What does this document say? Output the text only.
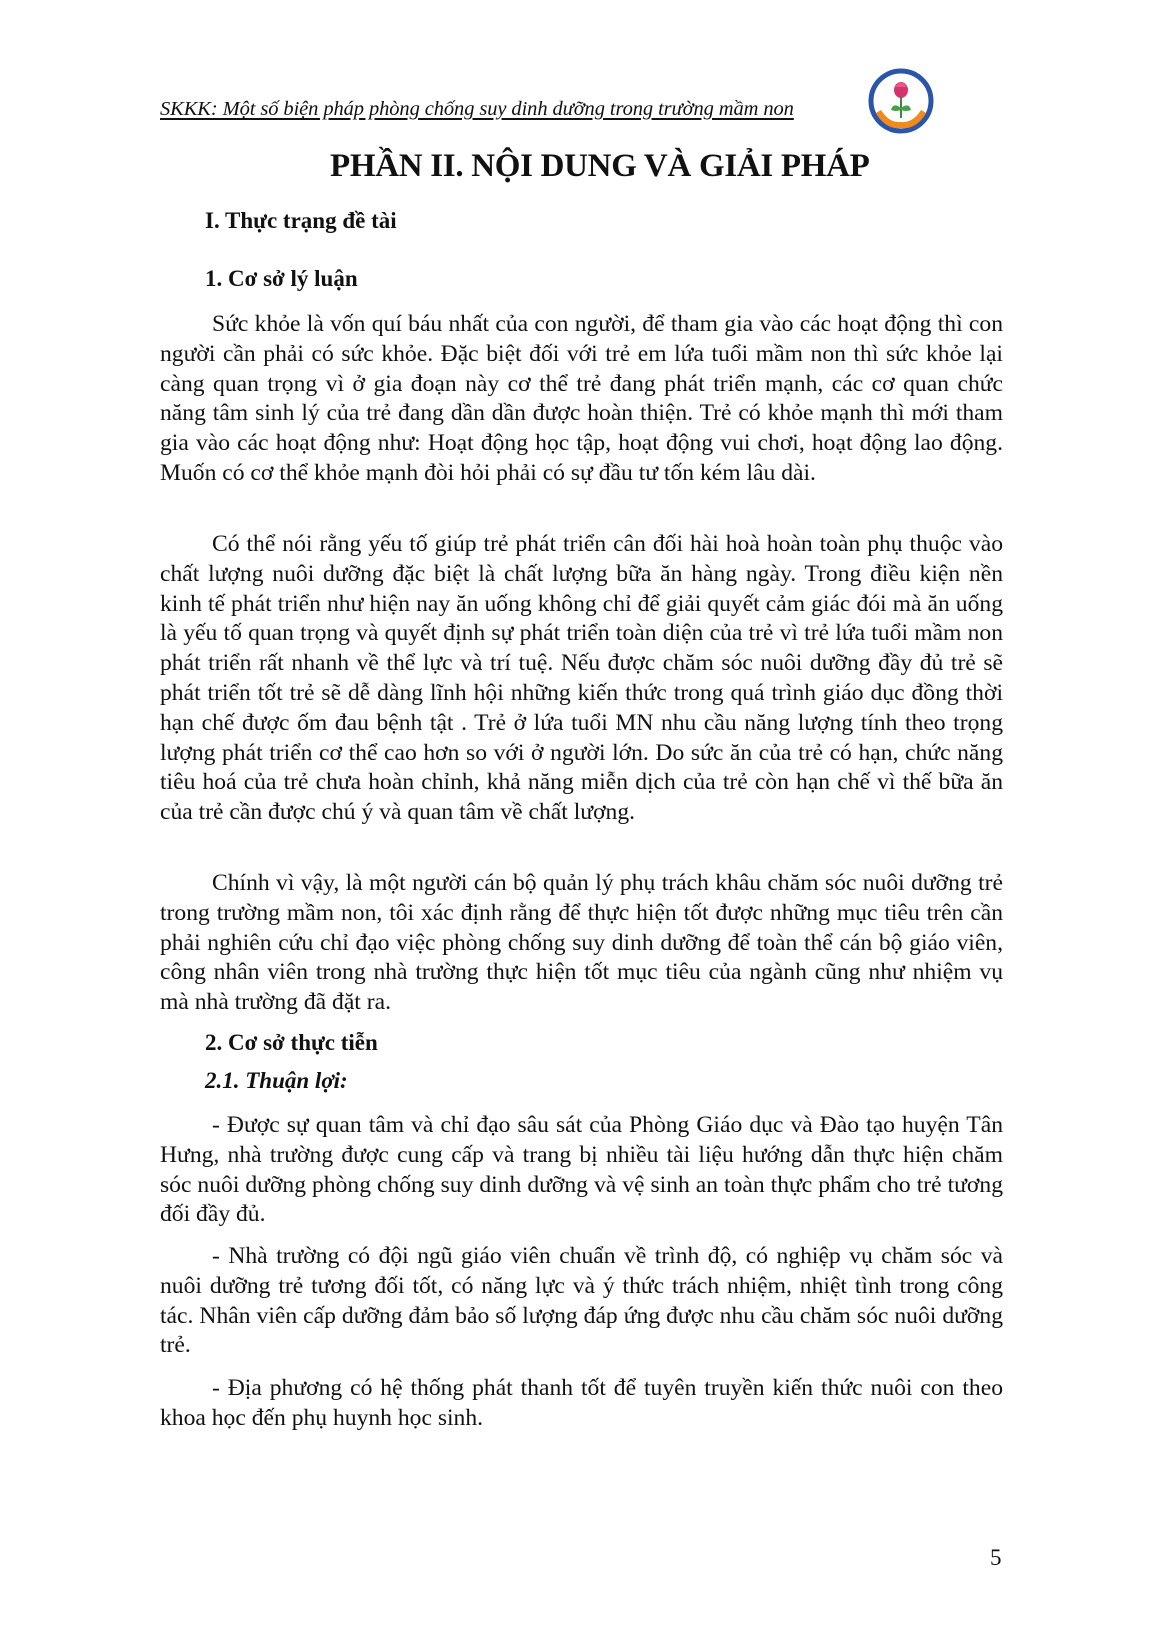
SKKK: Một số biện pháp phòng chống suy dinh dưỡng trong trường mầm non
PHẦN II. NỘI DUNG VÀ GIẢI PHÁP
I. Thực trạng đề tài
1. Cơ sở lý luận
Sức khỏe là vốn quí báu nhất của con người, để tham gia vào các hoạt động thì con người cần phải có sức khỏe. Đặc biệt đối với trẻ em lứa tuổi mầm non thì sức khỏe lại càng quan trọng vì ở gia đoạn này cơ thể trẻ đang phát triển mạnh, các cơ quan chức năng tâm sinh lý của trẻ đang dần dần được hoàn thiện. Trẻ có khỏe mạnh thì mới tham gia vào các hoạt động như: Hoạt động học tập, hoạt động vui chơi, hoạt động lao động. Muốn có cơ thể khỏe mạnh đòi hỏi phải có sự đầu tư tốn kém lâu dài.
Có thể nói rằng yếu tố giúp trẻ phát triển cân đối hài hoà hoàn toàn phụ thuộc vào chất lượng nuôi dưỡng đặc biệt là chất lượng bữa ăn hàng ngày. Trong điều kiện nền kinh tế phát triển như hiện nay ăn uống không chỉ để giải quyết cảm giác đói mà ăn uống là yếu tố quan trọng và quyết định sự phát triển toàn diện của trẻ vì trẻ lứa tuổi mầm non phát triển rất nhanh về thể lực và trí tuệ. Nếu được chăm sóc nuôi dưỡng đầy đủ trẻ sẽ phát triển tốt trẻ sẽ dễ dàng lĩnh hội những kiến thức trong quá trình giáo dục đồng thời hạn chế được ốm đau bệnh tật . Trẻ ở lứa tuổi MN nhu cầu năng lượng tính theo trọng lượng phát triển cơ thể cao hơn so với ở người lớn. Do sức ăn của trẻ có hạn, chức năng tiêu hoá của trẻ chưa hoàn chỉnh, khả năng miễn dịch của trẻ còn hạn chế vì thế bữa ăn của trẻ cần được chú ý và quan tâm về chất lượng.
Chính vì vậy, là một người cán bộ quản lý phụ trách khâu chăm sóc nuôi dưỡng trẻ trong trường mầm non, tôi xác định rằng để thực hiện tốt được những mục tiêu trên cần phải nghiên cứu chỉ đạo việc phòng chống suy dinh dưỡng để toàn thể cán bộ giáo viên, công nhân viên trong nhà trường thực hiện tốt mục tiêu của ngành cũng như nhiệm vụ mà nhà trường đã đặt ra.
2. Cơ sở thực tiễn
2.1. Thuận lợi:
- Được sự quan tâm và chỉ đạo sâu sát của Phòng Giáo dục và Đào tạo huyện Tân Hưng, nhà trường được cung cấp và trang bị nhiều tài liệu hướng dẫn thực hiện chăm sóc nuôi dưỡng phòng chống suy dinh dưỡng và vệ sinh an toàn thực phẩm cho trẻ tương đối đầy đủ.
- Nhà trường có đội ngũ giáo viên chuẩn về trình độ, có nghiệp vụ chăm sóc và nuôi dưỡng trẻ tương đối tốt, có năng lực và ý thức trách nhiệm, nhiệt tình trong công tác. Nhân viên cấp dưỡng đảm bảo số lượng đáp ứng được nhu cầu chăm sóc nuôi dưỡng trẻ.
- Địa phương có hệ thống phát thanh tốt để tuyên truyền kiến thức nuôi con theo khoa học đến phụ huynh học sinh.
5
